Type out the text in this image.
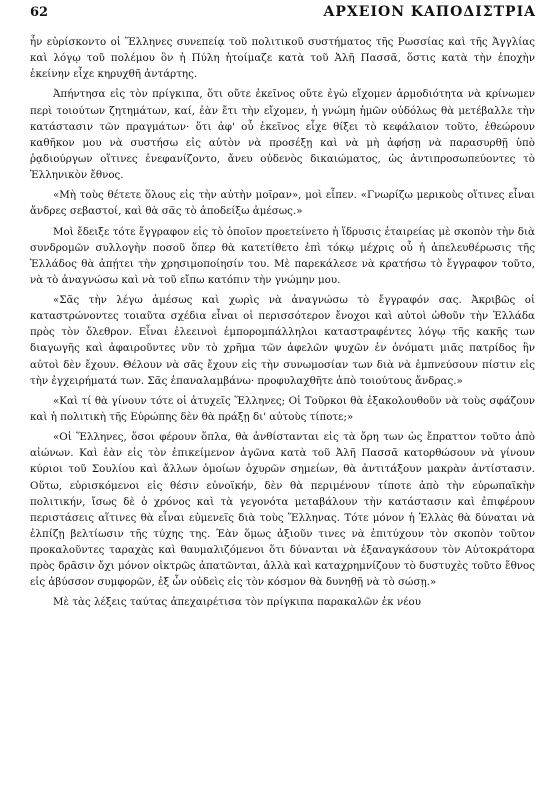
62	ΑΡΧΕΙΟΝ ΚΑΠΟΔΙΣΤΡΙΑ

ἦν εὑρίσκοντο οἱ Ἕλληνες συνεπείᾳ τοῦ πολιτικοῦ συστήματος τῆς Ρωσσίας καὶ τῆς Ἀγγλίας καὶ λόγῳ τοῦ πολέμου ὃν ἡ Πύλη ἡτοίμαζε κατὰ τοῦ Ἀλῆ Πασσᾶ, ὅστις κατὰ τὴν ἐποχὴν ἐκείνην εἶχε κηρυχθῆ ἀντάρτης.

Ἀπήντησα εἰς τὸν πρίγκιπα, ὅτι οὔτε ἐκεῖνος οὔτε ἐγὼ εἴχομεν ἁρμοδιότητα νὰ κρίνωμεν περὶ τοιούτων ζητημάτων, καί, ἐὰν ἔτι τὴν εἴχομεν, ἡ γνώμη ἡμῶν οὐδόλως θὰ μετέβαλλε τὴν κατάστασιν τῶν πραγμάτων· ὅτι ἀφ' οὗ ἐκεῖνος εἶχε θίξει τὸ κεφάλαιον τοῦτο, ἐθεώρουν καθῆκον μου νὰ συστήσω εἰς αὐτὸν νὰ προσέξῃ καὶ νὰ μὴ ἀφήσῃ νὰ παρασυρθῇ ὑπὸ ῥᾳδιούργων οἵτινες ἐνεφανίζοντο, ἄνευ οὐδενὸς δικαιώματος, ὡς ἀντιπροσωπεύοντες τὸ Ἑλληνικὸν ἔθνος.

«Μὴ τοὺς θέτετε ὅλους εἰς τὴν αὐτὴν μοῖραν», μοὶ εἶπεν. «Γνωρίζω μερικοὺς οἵτινες εἶναι ἄνδρες σεβαστοί, καὶ θὰ σᾶς τὸ ἀποδείξω ἀμέσως.»

Μοὶ ἔδειξε τότε ἔγγραφον εἰς τὸ ὁποῖον προετείνετο ἡ ἵδρυσις ἑταιρείας μὲ σκοπὸν τὴν διὰ συνδρομῶν συλλογὴν ποσοῦ ὅπερ θὰ κατετίθετο ἐπὶ τόκῳ μέχρις οὗ ἡ ἀπελευθέρωσις τῆς Ἑλλάδος θὰ ἀπῄτει τὴν χρησιμοποίησίν του. Μὲ παρεκάλεσε νὰ κρατήσω τὸ ἔγγραφον τοῦτο, νὰ τὸ ἀναγνώσω καὶ νὰ τοῦ εἴπω κατόπιν τὴν γνώμην μου.

«Σᾶς τὴν λέγω ἀμέσως καὶ χωρὶς νὰ ἀναγνώσω τὸ ἔγγραφόν σας. Ἀκριβῶς οἱ καταστρώνοντες τοιαῦτα σχέδια εἶναι οἱ περισσότερον ἔνοχοι καὶ αὐτοὶ ὠθοῦν τὴν Ἑλλάδα πρὸς τὸν ὄλεθρον. Εἶναι ἐλεεινοὶ ἐμπορομπάλληλοι καταστραφέντες λόγῳ τῆς κακῆς των διαγωγῆς καὶ ἀφαιροῦντες νῦν τὸ χρῆμα τῶν ἀφελῶν ψυχῶν ἐν ὀνόματι μιᾶς πατρίδος ἣν αὐτοὶ δὲν ἔχουν. Θέλουν νὰ σᾶς ἔχουν εἰς τὴν συνωμοσίαν των διὰ νὰ ἐμπνεύσουν πίστιν εἰς τὴν ἐγχειρήματά των. Σᾶς ἐπαναλαμβάνω· προφυλαχθῆτε ἀπὸ τοιούτους ἄνδρας.»

«Καὶ τί θὰ γίνουν τότε οἱ ἀτυχεῖς Ἕλληνες; Οἱ Τοῦρκοι θὰ ἐξακολουθοῦν νὰ τοὺς σφάζουν καὶ ἡ πολιτικὴ τῆς Εὐρώπης δὲν θὰ πράξῃ δι' αὐτοὺς τίποτε;»

«Οἱ Ἕλληνες, ὅσοι φέρουν ὅπλα, θὰ ἀνθίστανται εἰς τὰ ὄρη των ὡς ἔπραττον τοῦτο ἀπὸ αἰώνων. Καὶ ἐὰν εἰς τὸν ἐπικείμενον ἀγῶνα κατὰ τοῦ Ἀλῆ Πασσᾶ κατορθώσουν νὰ γίνουν κύριοι τοῦ Σουλίου καὶ ἄλλων ὁμοίων ὀχυρῶν σημείων, θὰ ἀντιτάξουν μακρὰν ἀντίστασιν. Οὕτω, εὑρισκόμενοι εἰς θέσιν εὐνοϊκήν, δὲν θὰ περιμένουν τίποτε ἀπὸ τὴν εὐρωπαϊκὴν πολιτικήν, ἴσως δὲ ὁ χρόνος καὶ τὰ γεγονότα μεταβάλουν τὴν κατάστασιν καὶ ἐπιφέρουν περιστάσεις αἵτινες θὰ εἶναι εὐμενεῖς διὰ τοὺς Ἕλληνας. Τότε μόνον ἡ Ἑλλὰς θὰ δύναται νὰ ἐλπίζῃ βελτίωσιν τῆς τύχης της. Ἐὰν ὅμως ἀξιοῦν τινες νὰ ἐπιτύχουν τὸν σκοπὸν τοῦτον προκαλοῦντες ταραχὰς καὶ θαυμαλιζόμενοι ὅτι δύνανται νὰ ἐξαναγκάσουν τὸν Αὐτοκράτορα πρὸς δρᾶσιν ὄχι μόνον οἰκτρῶς ἀπατῶνται, ἀλλὰ καὶ καταχρημνίζουν τὸ δυστυχὲς τοῦτο ἔθνος εἰς ἀβύσσον συμφορῶν, ἐξ ὧν οὐδεὶς εἰς τὸν κόσμον θὰ δυνηθῇ νὰ τὸ σώσῃ.»

Μὲ τὰς λέξεις ταύτας ἀπεχαιρέτισα τὸν πρίγκιπα παρακαλῶν ἐκ νέου
